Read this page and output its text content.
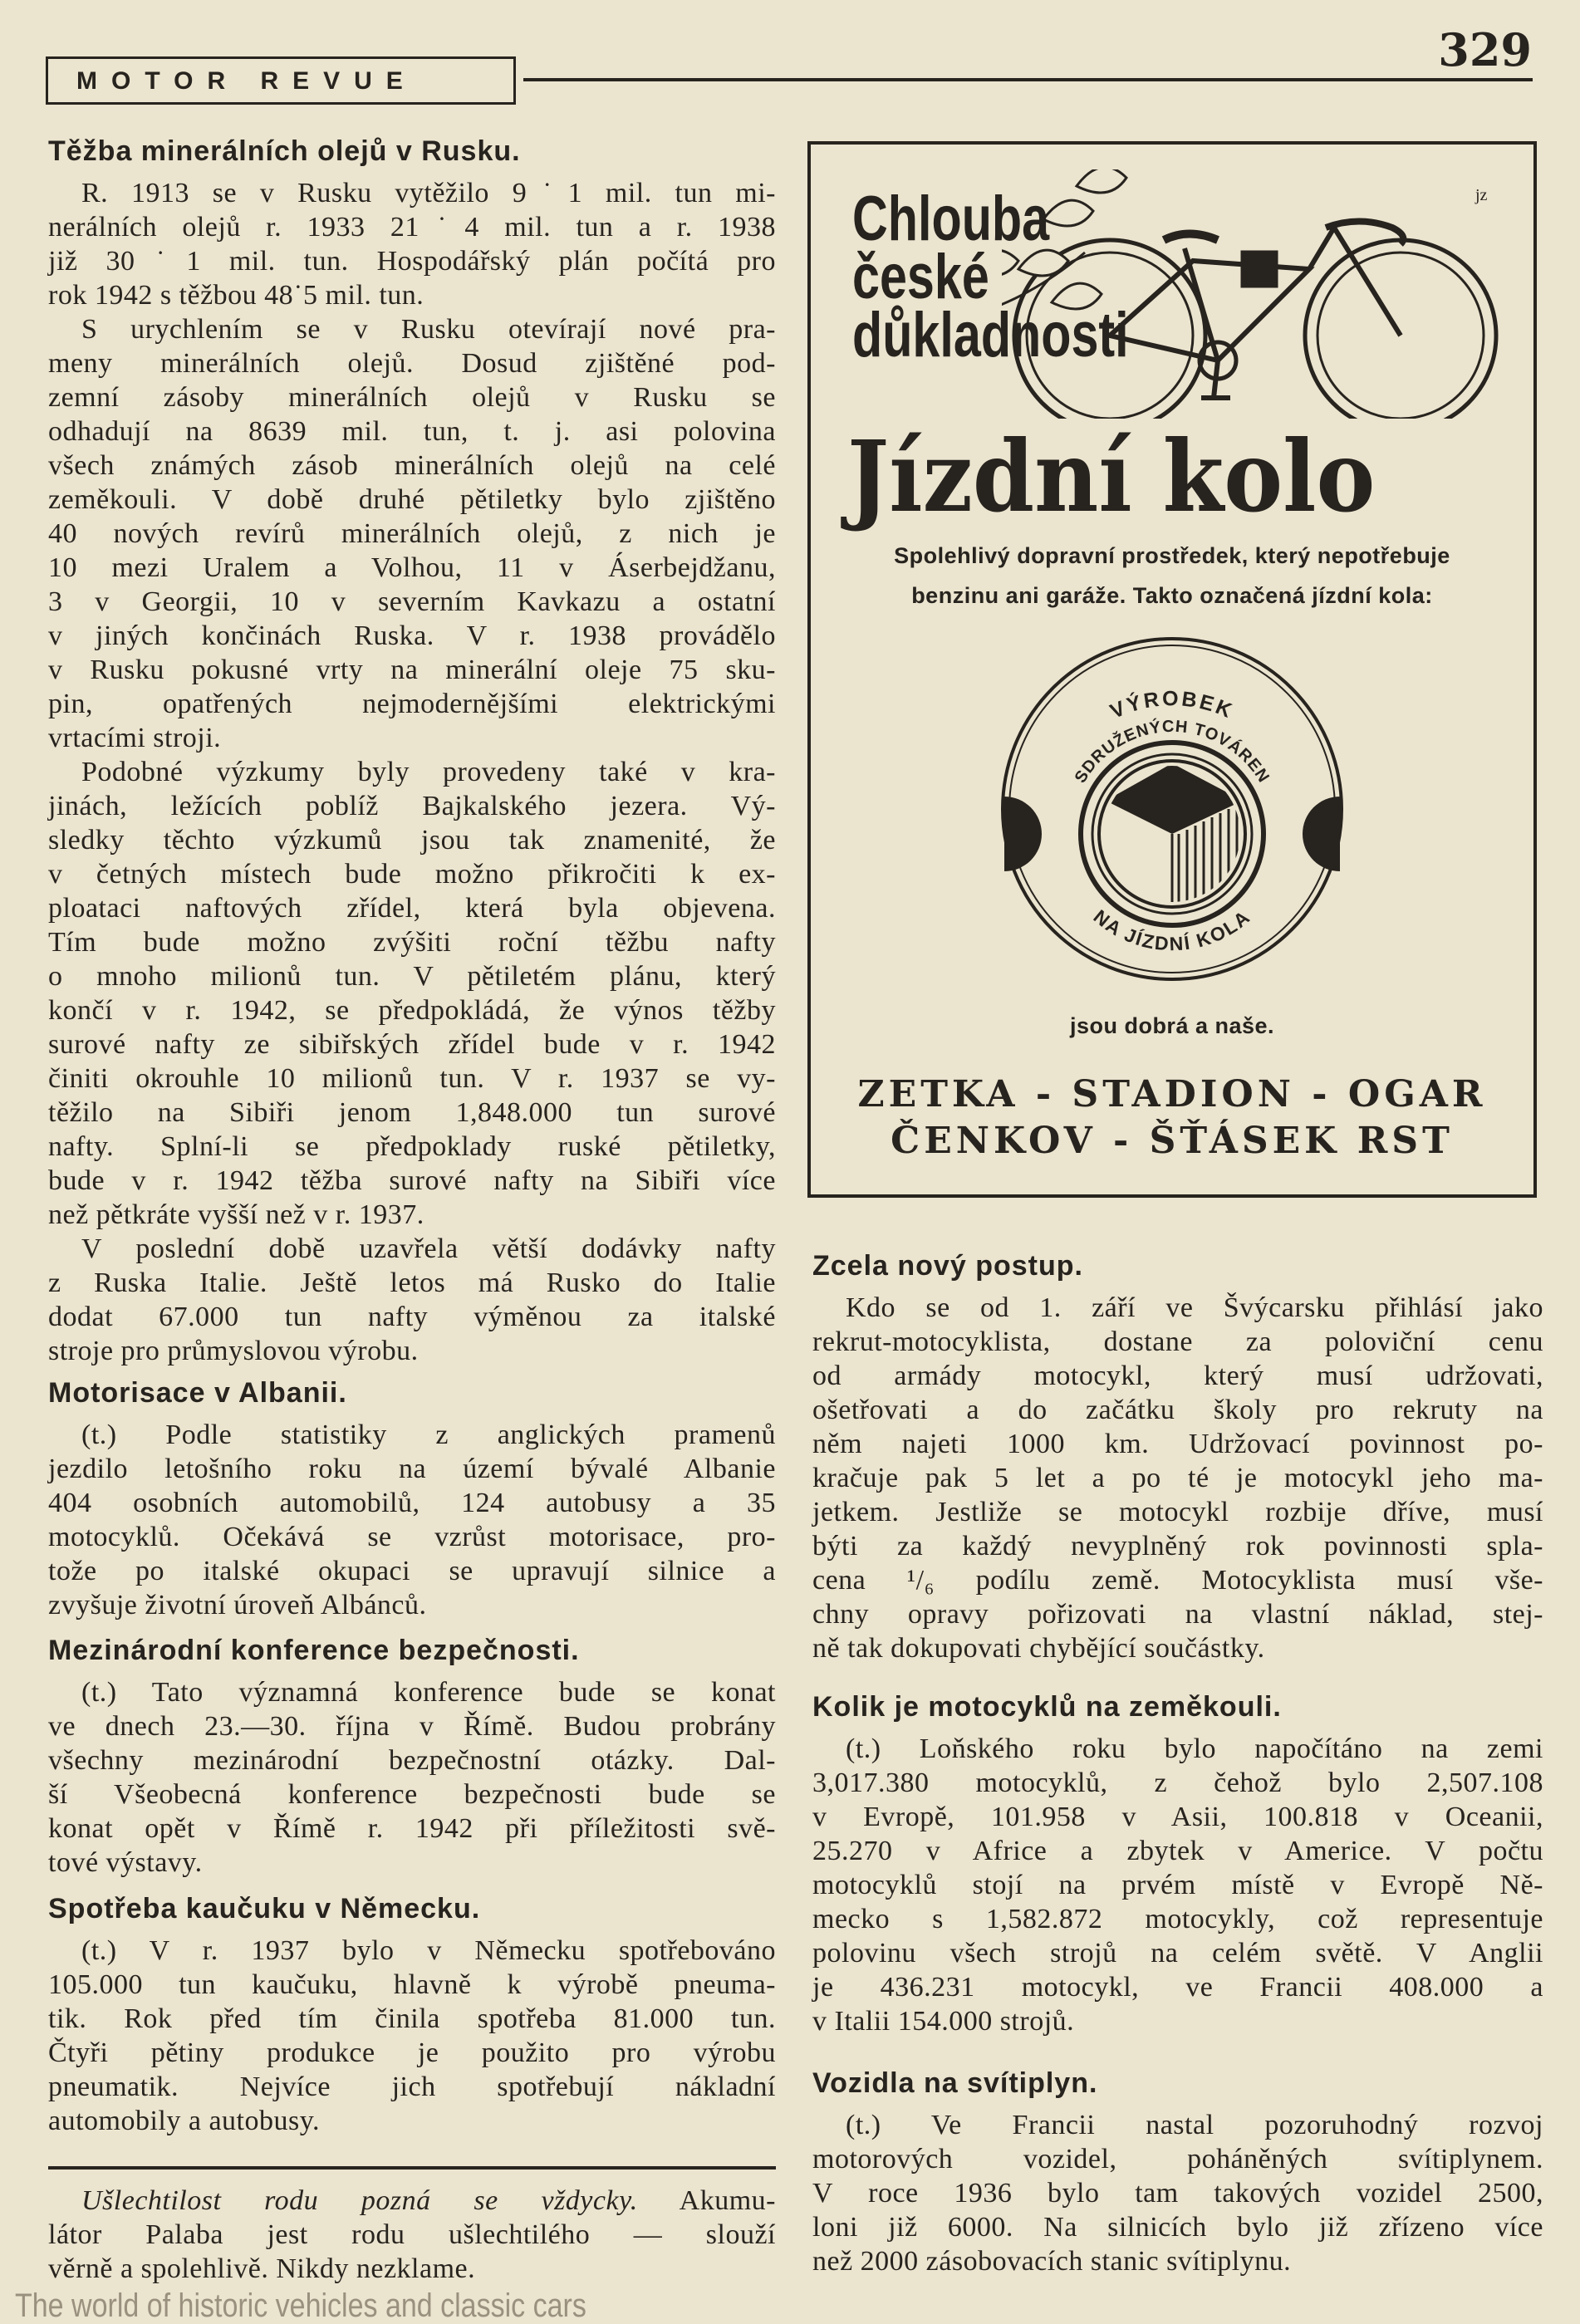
MOTOR REVUE
329
Těžba minerálních olejů v Rusku.
R. 1913 se v Rusku vytěžilo 9˙1 mil. tun mi-
nerálních olejů r. 1933 21˙4 mil. tun a r. 1938
již 30˙1 mil. tun. Hospodářský plán počítá pro
rok 1942 s těžbou 48˙5 mil. tun.
S urychlením se v Rusku otevírají nové pra-
meny minerálních olejů. Dosud zjištěné pod-
zemní zásoby minerálních olejů v Rusku se
odhadují na 8639 mil. tun, t. j. asi polovina
všech známých zásob minerálních olejů na celé
zeměkouli. V době druhé pětiletky bylo zjištěno
40 nových revírů minerálních olejů, z nich je
10 mezi Uralem a Volhou, 11 v Áserbejdžanu,
3 v Georgii, 10 v severním Kavkazu a ostatní
v jiných končinách Ruska. V r. 1938 provádělo
v Rusku pokusné vrty na minerální oleje 75 sku-
pin, opatřených nejmodernějšími elektrickými
vrtacími stroji.
Podobné výzkumy byly provedeny také v kra-
jinách, ležících poblíž Bajkalského jezera. Vý-
sledky těchto výzkumů jsou tak znamenité, že
v četných místech bude možno přikročiti k ex-
ploataci naftových zřídel, která byla objevena.
Tím bude možno zvýšiti roční těžbu nafty
o mnoho milionů tun. V pětiletém plánu, který
končí v r. 1942, se předpokládá, že výnos těžby
surové nafty ze sibiřských zřídel bude v r. 1942
činiti okrouhle 10 milionů tun. V r. 1937 se vy-
těžilo na Sibiři jenom 1,848.000 tun surové
nafty. Splní-li se předpoklady ruské pětiletky,
bude v r. 1942 těžba surové nafty na Sibiři více
než pětkráte vyšší než v r. 1937.
V poslední době uzavřela větší dodávky nafty
z Ruska Italie. Ještě letos má Rusko do Italie
dodat 67.000 tun nafty výměnou za italské
stroje pro průmyslovou výrobu.
Motorisace v Albanii.
(t.) Podle statistiky z anglických pramenů
jezdilo letošního roku na území bývalé Albanie
404 osobních automobilů, 124 autobusy a 35
motocyklů. Očekává se vzrůst motorisace, pro-
tože po italské okupaci se upravují silnice a
zvyšuje životní úroveň Albánců.
Mezinárodní konference bezpečnosti.
(t.) Tato významná konference bude se konat
ve dnech 23.—30. října v Římě. Budou probrány
všechny mezinárodní bezpečnostní otázky. Dal-
ší Všeobecná konference bezpečnosti bude se
konat opět v Římě r. 1942 při příležitosti svě-
tové výstavy.
Spotřeba kaučuku v Německu.
(t.) V r. 1937 bylo v Německu spotřebováno
105.000 tun kaučuku, hlavně k výrobě pneuma-
tik. Rok před tím činila spotřeba 81.000 tun.
Čtyři pětiny produkce je použito pro výrobu
pneumatik. Nejvíce jich spotřebují nákladní
automobily a autobusy.
Ušlechtilost rodu pozná se vždycky. Akumu-
látor Palaba jest rodu ušlechtilého — slouží
věrně a spolehlivě. Nikdy nezklame.
Zcela nový postup.
Kdo se od 1. září ve Švýcarsku přihlásí jako
rekrut-motocyklista, dostane za poloviční cenu
od armády motocykl, který musí udržovati,
ošetřovati a do začátku školy pro rekruty na
něm najeti 1000 km. Udržovací povinnost po-
kračuje pak 5 let a po té je motocykl jeho ma-
jetkem. Jestliže se motocykl rozbije dříve, musí
býti za každý nevyplněný rok povinnosti spla-
cena ¹/₆ podílu země. Motocyklista musí vše-
chny opravy pořizovati na vlastní náklad, stej-
ně tak dokupovati chybějící součástky.
Kolik je motocyklů na zeměkouli.
(t.) Loňského roku bylo napočítáno na zemi
3,017.380 motocyklů, z čehož bylo 2,507.108
v Evropě, 101.958 v Asii, 100.818 v Oceanii,
25.270 v Africe a zbytek v Americe. V počtu
motocyklů stojí na prvém místě v Evropě Ně-
mecko s 1,582.872 motocykly, což representuje
polovinu všech strojů na celém světě. V Anglii
je 436.231 motocykl, ve Francii 408.000 a
v Italii 154.000 strojů.
Vozidla na svítiplyn.
(t.) Ve Francii nastal pozoruhodný rozvoj
motorových vozidel, poháněných svítiplynem.
V roce 1936 bylo tam takových vozidel 2500,
loni již 6000. Na silnicích bylo již zřízeno více
než 2000 zásobovacích stanic svítiplynu.
jz
Chlouba
české
důkladnosti
Jízdní kolo
Spolehlivý dopravní prostředek, který nepotřebuje
benzinu ani garáže. Takto označená jízdní kola:
VÝROBEK
SDRUŽENÝCH TOVÁREN
NA JÍZDNÍ KOLA
jsou dobrá a naše.
ZETKA - STADION - OGAR
ČENKOV - ŠŤÁSEK RST
The world of historic vehicles and classic cars
